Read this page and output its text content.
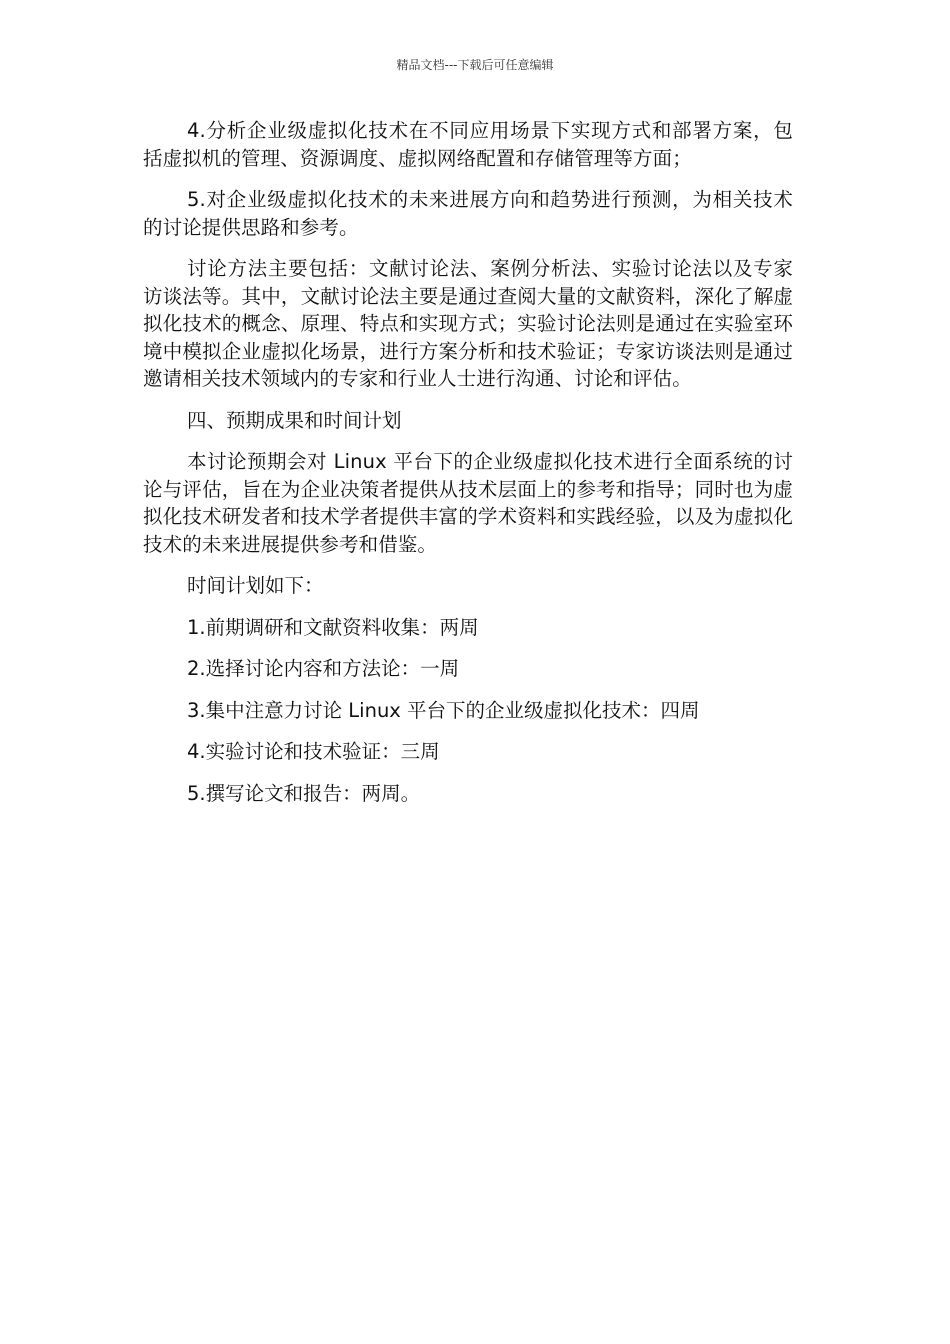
精品文档---下载后可任意编辑

4.分析企业级虚拟化技术在不同应用场景下实现方式和部署方案，包括虚拟机的管理、资源调度、虚拟网络配置和存储管理等方面；

5.对企业级虚拟化技术的未来进展方向和趋势进行预测，为相关技术的讨论提供思路和参考。

讨论方法主要包括：文献讨论法、案例分析法、实验讨论法以及专家访谈法等。其中，文献讨论法主要是通过查阅大量的文献资料，深化了解虚拟化技术的概念、原理、特点和实现方式；实验讨论法则是通过在实验室环境中模拟企业虚拟化场景，进行方案分析和技术验证；专家访谈法则是通过邀请相关技术领域内的专家和行业人士进行沟通、讨论和评估。

四、预期成果和时间计划

本讨论预期会对 Linux 平台下的企业级虚拟化技术进行全面系统的讨论与评估，旨在为企业决策者提供从技术层面上的参考和指导；同时也为虚拟化技术研发者和技术学者提供丰富的学术资料和实践经验，以及为虚拟化技术的未来进展提供参考和借鉴。

时间计划如下：

1.前期调研和文献资料收集：两周
2.选择讨论内容和方法论：一周
3.集中注意力讨论 Linux 平台下的企业级虚拟化技术：四周
4.实验讨论和技术验证：三周
5.撰写论文和报告：两周。
